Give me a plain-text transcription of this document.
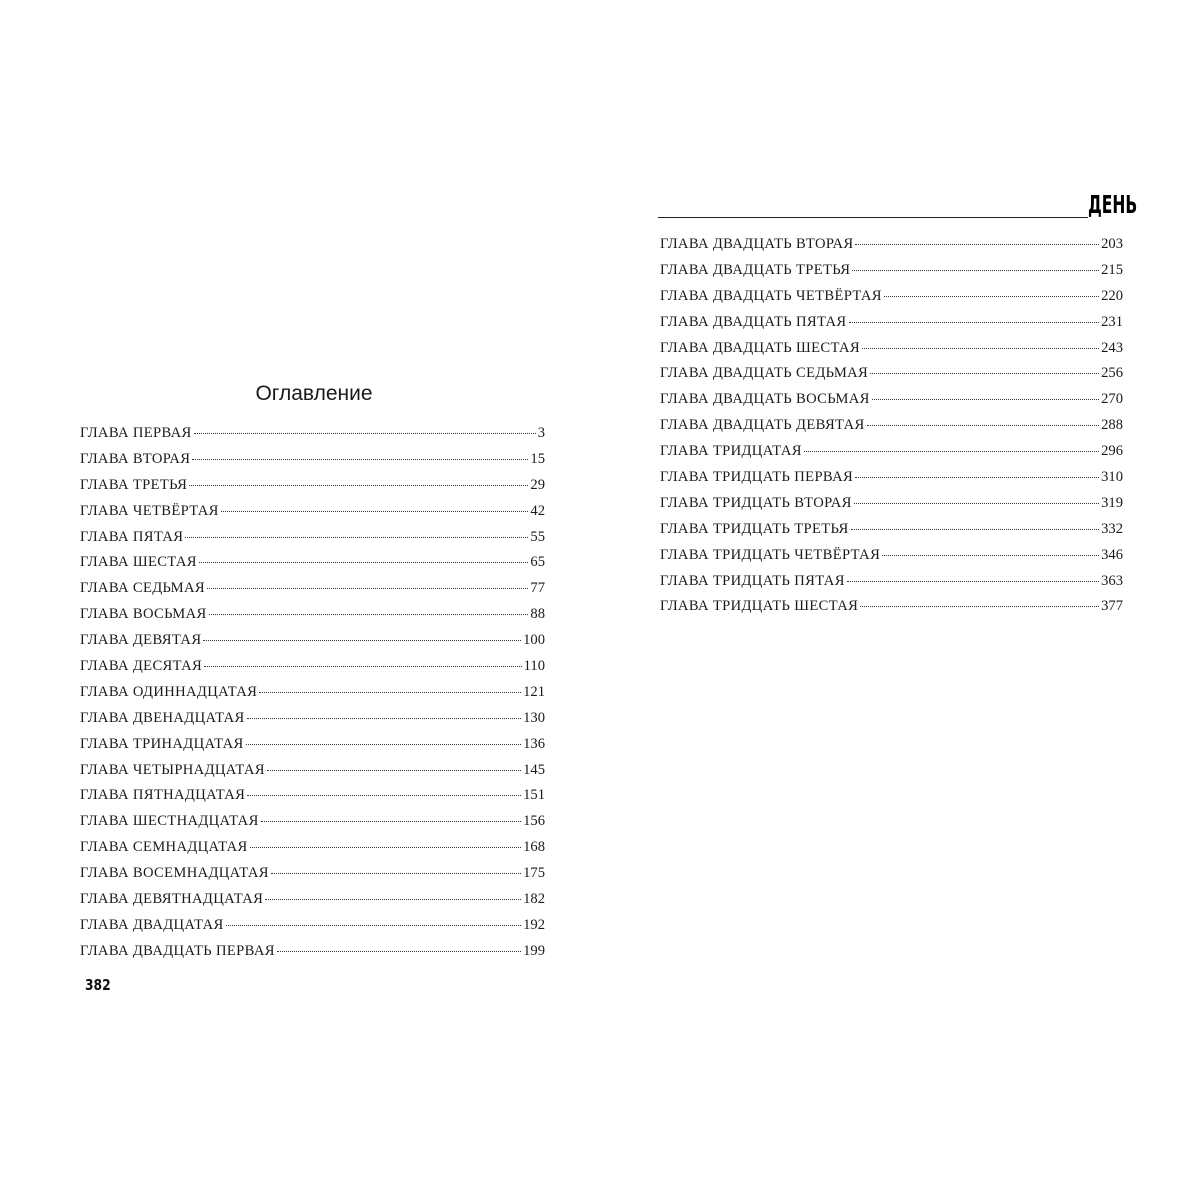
Оглавление
ГЛАВА ПЕРВАЯ	3
ГЛАВА ВТОРАЯ	15
ГЛАВА ТРЕТЬЯ	29
ГЛАВА ЧЕТВЁРТАЯ	42
ГЛАВА ПЯТАЯ	55
ГЛАВА ШЕСТАЯ	65
ГЛАВА СЕДЬМАЯ	77
ГЛАВА ВОСЬМАЯ	88
ГЛАВА ДЕВЯТАЯ	100
ГЛАВА ДЕСЯТАЯ	110
ГЛАВА ОДИННАДЦАТАЯ	121
ГЛАВА ДВЕНАДЦАТАЯ	130
ГЛАВА ТРИНАДЦАТАЯ	136
ГЛАВА ЧЕТЫРНАДЦАТАЯ	145
ГЛАВА ПЯТНАДЦАТАЯ	151
ГЛАВА ШЕСТНАДЦАТАЯ	156
ГЛАВА СЕМНАДЦАТАЯ	168
ГЛАВА ВОСЕМНАДЦАТАЯ	175
ГЛАВА ДЕВЯТНАДЦАТАЯ	182
ГЛАВА ДВАДЦАТАЯ	192
ГЛАВА ДВАДЦАТЬ ПЕРВАЯ	199
382
ДЕНЬ
ГЛАВА ДВАДЦАТЬ ВТОРАЯ	203
ГЛАВА ДВАДЦАТЬ ТРЕТЬЯ	215
ГЛАВА ДВАДЦАТЬ ЧЕТВЁРТАЯ	220
ГЛАВА ДВАДЦАТЬ ПЯТАЯ	231
ГЛАВА ДВАДЦАТЬ ШЕСТАЯ	243
ГЛАВА ДВАДЦАТЬ СЕДЬМАЯ	256
ГЛАВА ДВАДЦАТЬ ВОСЬМАЯ	270
ГЛАВА ДВАДЦАТЬ ДЕВЯТАЯ	288
ГЛАВА ТРИДЦАТАЯ	296
ГЛАВА ТРИДЦАТЬ ПЕРВАЯ	310
ГЛАВА ТРИДЦАТЬ ВТОРАЯ	319
ГЛАВА ТРИДЦАТЬ ТРЕТЬЯ	332
ГЛАВА ТРИДЦАТЬ ЧЕТВЁРТАЯ	346
ГЛАВА ТРИДЦАТЬ ПЯТАЯ	363
ГЛАВА ТРИДЦАТЬ ШЕСТАЯ	377
